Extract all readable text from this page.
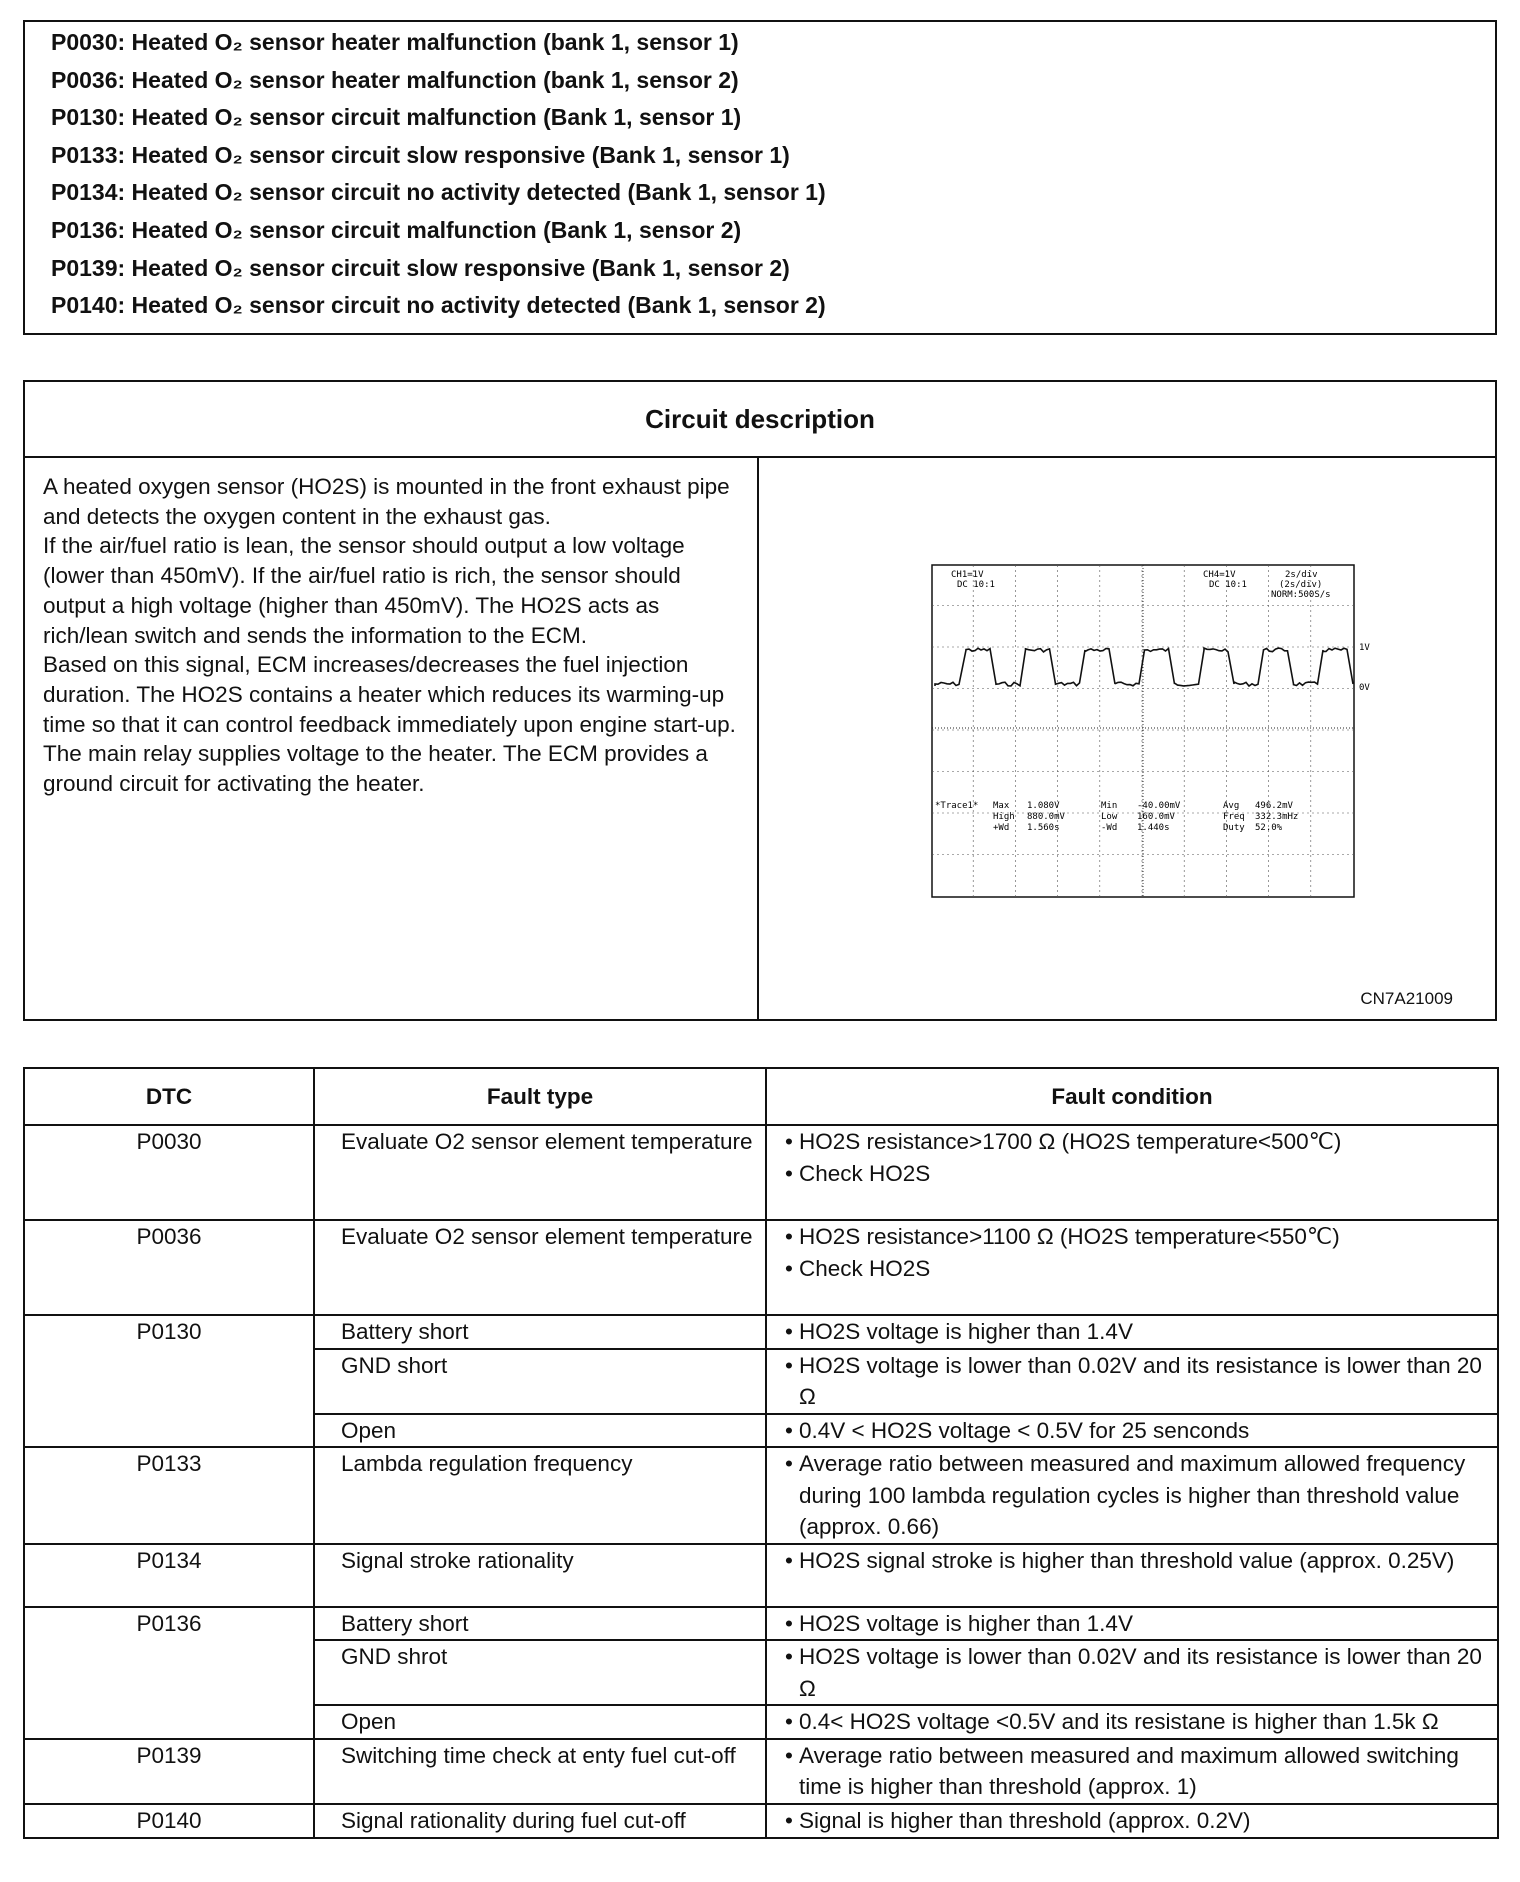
P0030: Heated O₂ sensor heater malfunction (bank 1, sensor 1)
P0036: Heated O₂ sensor heater malfunction (bank 1, sensor 2)
P0130: Heated O₂ sensor circuit malfunction (Bank 1, sensor 1)
P0133: Heated O₂ sensor circuit slow responsive (Bank 1, sensor 1)
P0134: Heated O₂ sensor circuit no activity detected (Bank 1, sensor 1)
P0136: Heated O₂ sensor circuit malfunction (Bank 1, sensor 2)
P0139: Heated O₂ sensor circuit slow responsive (Bank 1, sensor 2)
P0140: Heated O₂ sensor circuit no activity detected (Bank 1, sensor 2)
Circuit description
A heated oxygen sensor (HO2S) is mounted in the front exhaust pipe and detects the oxygen content in the exhaust gas.
If the air/fuel ratio is lean, the sensor should output a low voltage (lower than 450mV). If the air/fuel ratio is rich, the sensor should output a high voltage (higher than 450mV). The HO2S acts as rich/lean switch and sends the information to the ECM.
Based on this signal, ECM increases/decreases the fuel injection duration. The HO2S contains a heater which reduces its warming-up time so that it can control feedback immediately upon engine start-up. The main relay supplies voltage to the heater. The ECM provides a ground circuit for activating the heater.
CH1=1V
DC 10:1
CH4=1V
DC 10:1
2s/div
(2s/div)
NORM:500S/s
1V
0V
*Trace1* Max 1.080V
High 880.0mV
+Wd 1.560s
Min -40.00mV
Low 160.0mV
-Wd 1.440s
Avg 496.2mV
Freq 332.3mHz
Duty 52.0%
CN7A21009
DTC	Fault type	Fault condition
P0030	Evaluate O2 sensor element temperature	• HO2S resistance>1700 Ω (HO2S temperature<500℃)
• Check HO2S

P0036	Evaluate O2 sensor element temperature	• HO2S resistance>1100 Ω (HO2S temperature<550℃)
• Check HO2S

P0130	Battery short	• HO2S voltage is higher than 1.4V

	GND short	• HO2S voltage is lower than 0.02V and its resistance is lower than 20 Ω

	Open	• 0.4V < HO2S voltage < 0.5V for 25 senconds

P0133	Lambda regulation frequency	• Average ratio between measured and maximum allowed frequency during 100 lambda regulation cycles is higher than threshold value (approx. 0.66)

P0134	Signal stroke rationality	• HO2S signal stroke is higher than threshold value (approx. 0.25V)

P0136	Battery short	• HO2S voltage is higher than 1.4V

	GND shrot	• HO2S voltage is lower than 0.02V and its resistance is lower than 20 Ω

	Open	• 0.4< HO2S voltage <0.5V and its resistane is higher than 1.5k Ω

P0139	Switching time check at enty fuel cut-off	• Average ratio between measured and maximum allowed switching time is higher than threshold (approx. 1)

P0140	Signal rationality during fuel cut-off	• Signal is higher than threshold (approx. 0.2V)
